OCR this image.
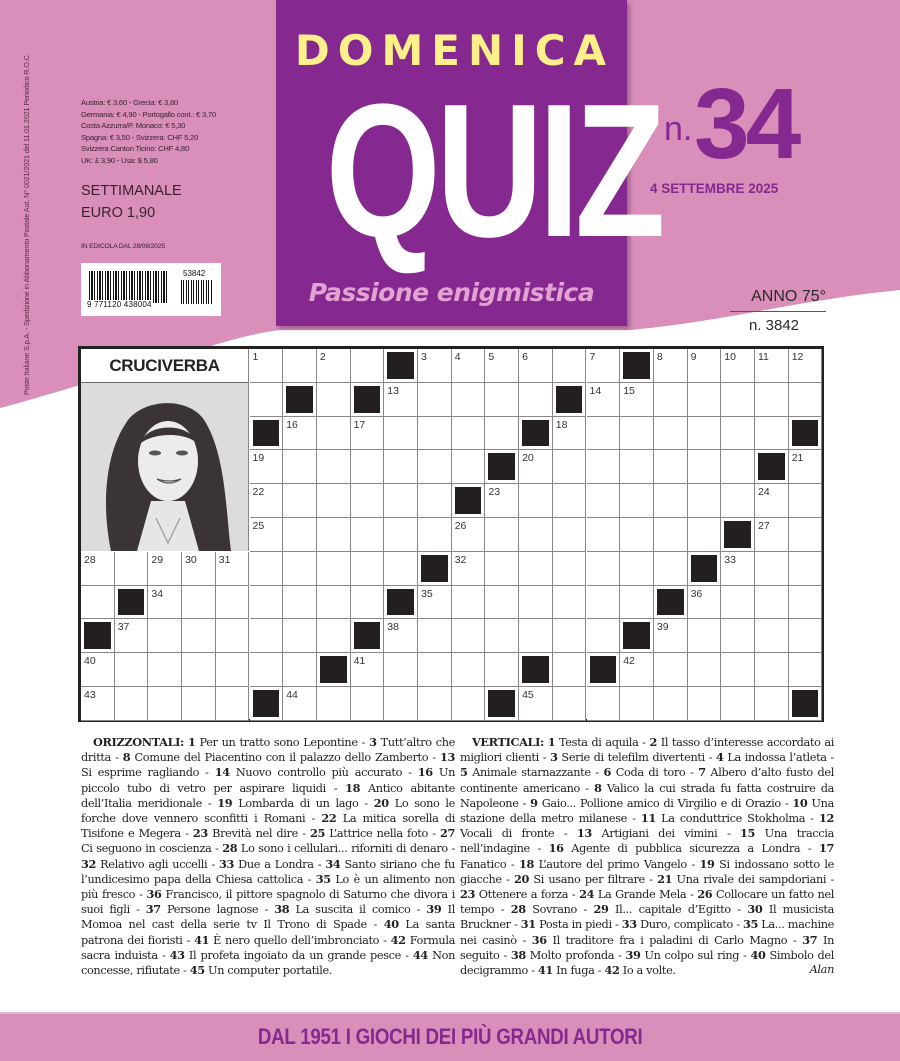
Poste Italiane S.p.A. - Spedizione in Abbonamento Postale Aut. N° 0021/2021 del 11.01.2021 Periodico R.O.C.	Austria: € 3,60 - Grecia: € 3,80
Germania: € 4,90 - Portogallo cont.: € 3,70
Costa Azzurra/P. Monaco: € 5,30
Spagna: € 3,50 - Svizzera: CHF 5,20
Svizzera Canton Ticino: CHF 4,80
UK: £ 3,90 - Usa: $ 5,80
SETTIMANALE
EURO 1,90
IN EDICOLA DAL 28/08/2025
9 771120 438004
53842
DOMENICA
QUIZ
Passione enigmistica
n. 34
4 SETTEMBRE 2025
ANNO 75°
n. 3842
1	2	3	4	5	6	7	8	9	10 11 12
13	14 15
16	17	18
19	20	21
22	23	24
25	26	27
28	29 30 31	32	33
34	35	36
37	38	39
40	41	42
43	44	45
CRUCIVERBA
ORIZZONTALI: 1 Per un tratto sono Lepontine - 3 Tutt’altro che dritta - 8 Comune del Piacentino con il palazzo dello Zamberto - 13 Si esprime ragliando - 14 Nuovo controllo più accurato - 16 Un piccolo tubo di vetro per aspirare liquidi - 18 Antico abitante dell’Italia meridionale - 19 Lombarda di un lago - 20 Lo sono le forche dove vennero sconfitti i Romani - 22 La mitica sorella di Tisifone e Megera - 23 Brevità nel dire - 25 L’attrice nella foto - 27 Ci seguono in coscienza - 28 Lo sono i cellulari... riforniti di denaro - 32 Relativo agli uccelli - 33 Due a Londra - 34 Santo siriano che fu l’undicesimo papa della Chiesa cattolica - 35 Lo è un alimento non più fresco - 36 Francisco, il pittore spagnolo di Saturno che divora i suoi figli - 37 Persone lagnose - 38 La suscita il comico - 39 Il Momoa nel cast della serie tv Il Trono di Spade - 40 La santa patrona dei fioristi - 41 È nero quello dell’imbronciato - 42 Formula sacra induista - 43 Il profeta ingoiato da un grande pesce - 44 Non concesse, rifiutate - 45 Un computer portatile.
VERTICALI: 1 Testa di aquila - 2 Il tasso d’interesse accordato ai migliori clienti - 3 Serie di telefilm divertenti - 4 La indossa l’atleta - 5 Animale starnazzante - 6 Coda di toro - 7 Albero d’alto fusto del continente americano - 8 Valico la cui strada fu fatta costruire da Napoleone - 9 Gaio... Pollione amico di Virgilio e di Orazio - 10 Una stazione della metro milanese - 11 La conduttrice Stokholma - 12 Vocali di fronte - 13 Artigiani dei vimini - 15 Una traccia nell’indagine - 16 Agente di pubblica sicurezza a Londra - 17 Fanatico - 18 L’autore del primo Vangelo - 19 Si indossano sotto le giacche - 20 Si usano per filtrare - 21 Una rivale dei sampdoriani - 23 Ottenere a forza - 24 La Grande Mela - 26 Collocare un fatto nel tempo - 28 Sovrano - 29 Il... capitale d’Egitto - 30 Il musicista Bruckner - 31 Posta in piedi - 33 Duro, complicato - 35 La... machine nei casinò - 36 Il traditore fra i paladini di Carlo Magno - 37 In seguito - 38 Molto profonda - 39 Un colpo sul ring - 40 Simbolo del decigrammo - 41 In fuga - 42 Io a volte.	Alan
DAL 1951 I GIOCHI DEI PIÙ GRANDI AUTORI
